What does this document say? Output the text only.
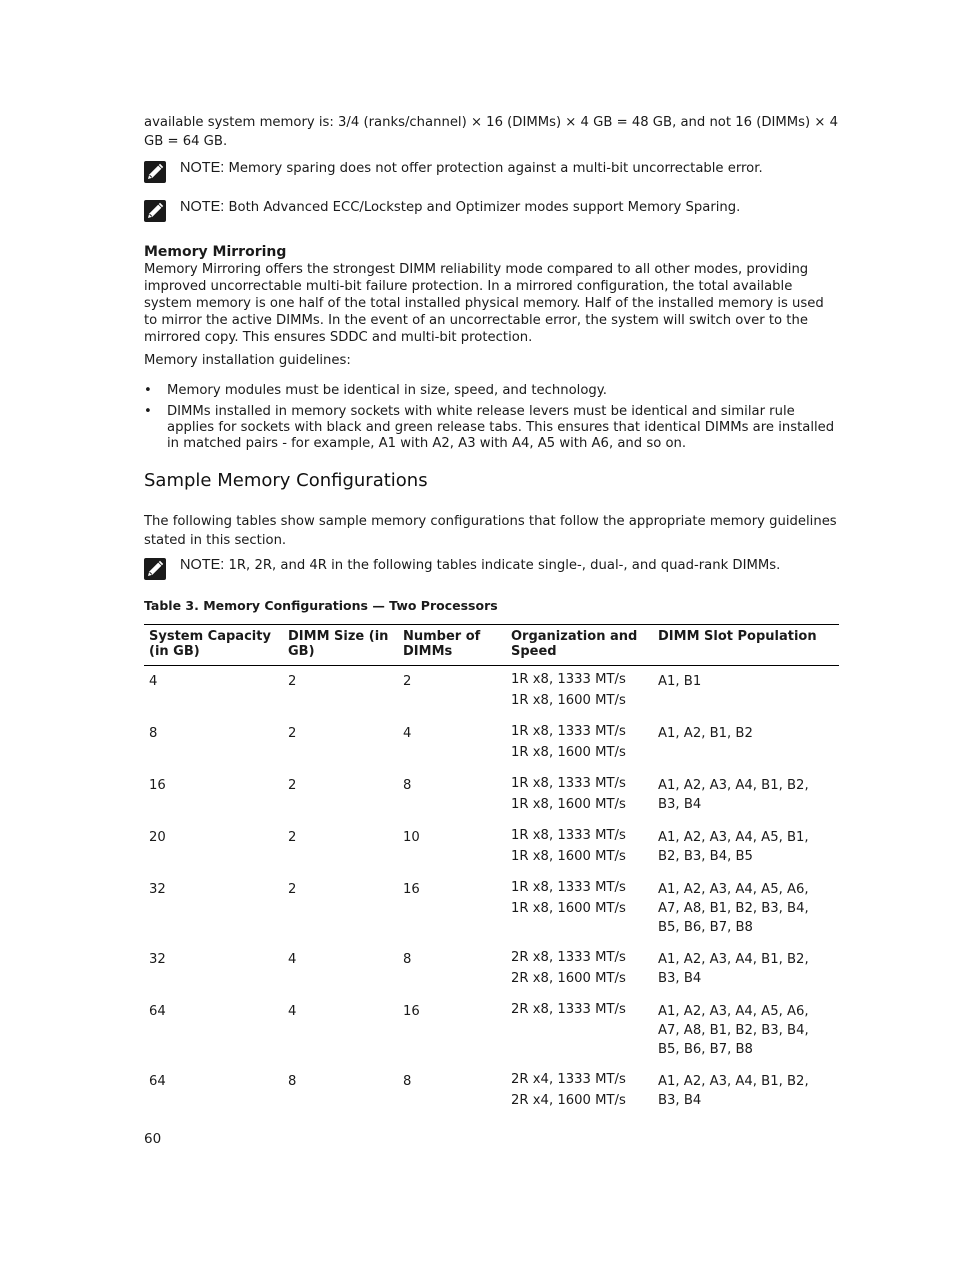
available system memory is: 3/4 (ranks/channel) × 16 (DIMMs) × 4 GB = 48 GB, and not 16 (DIMMs) × 4 GB = 64 GB.

NOTE: Memory sparing does not offer protection against a multi-bit uncorrectable error.
NOTE: Both Advanced ECC/Lockstep and Optimizer modes support Memory Sparing.
Memory Mirroring

Memory Mirroring offers the strongest DIMM reliability mode compared to all other modes, providing improved uncorrectable multi-bit failure protection. In a mirrored configuration, the total available system memory is one half of the total installed physical memory. Half of the installed memory is used to mirror the active DIMMs. In the event of an uncorrectable error, the system will switch over to the mirrored copy. This ensures SDDC and multi-bit protection.

Memory installation guidelines:

• Memory modules must be identical in size, speed, and technology.
• DIMMs installed in memory sockets with white release levers must be identical and similar rule applies for sockets with black and green release tabs. This ensures that identical DIMMs are installed in matched pairs - for example, A1 with A2, A3 with A4, A5 with A6, and so on.
Sample Memory Configurations

The following tables show sample memory configurations that follow the appropriate memory guidelines stated in this section.

NOTE: 1R, 2R, and 4R in the following tables indicate single-, dual-, and quad-rank DIMMs.

Table 3. Memory Configurations — Two Processors

System Capacity (in GB)	DIMM Size (in GB)	Number of DIMMs	Organization and Speed	DIMM Slot Population
4	2	2	1R x8, 1333 MT/s
1R x8, 1600 MT/s	A1, B1
8	2	4	1R x8, 1333 MT/s
1R x8, 1600 MT/s	A1, A2, B1, B2
16	2	8	1R x8, 1333 MT/s
1R x8, 1600 MT/s	A1, A2, A3, A4, B1, B2, B3, B4
20	2	10	1R x8, 1333 MT/s
1R x8, 1600 MT/s	A1, A2, A3, A4, A5, B1, B2, B3, B4, B5
32	2	16	1R x8, 1333 MT/s
1R x8, 1600 MT/s	A1, A2, A3, A4, A5, A6, A7, A8, B1, B2, B3, B4, B5, B6, B7, B8
32	4	8	2R x8, 1333 MT/s
2R x8, 1600 MT/s	A1, A2, A3, A4, B1, B2, B3, B4
64	4	16	2R x8, 1333 MT/s	A1, A2, A3, A4, A5, A6, A7, A8, B1, B2, B3, B4, B5, B6, B7, B8
64	8	8	2R x4, 1333 MT/s
2R x4, 1600 MT/s	A1, A2, A3, A4, B1, B2, B3, B4
60
